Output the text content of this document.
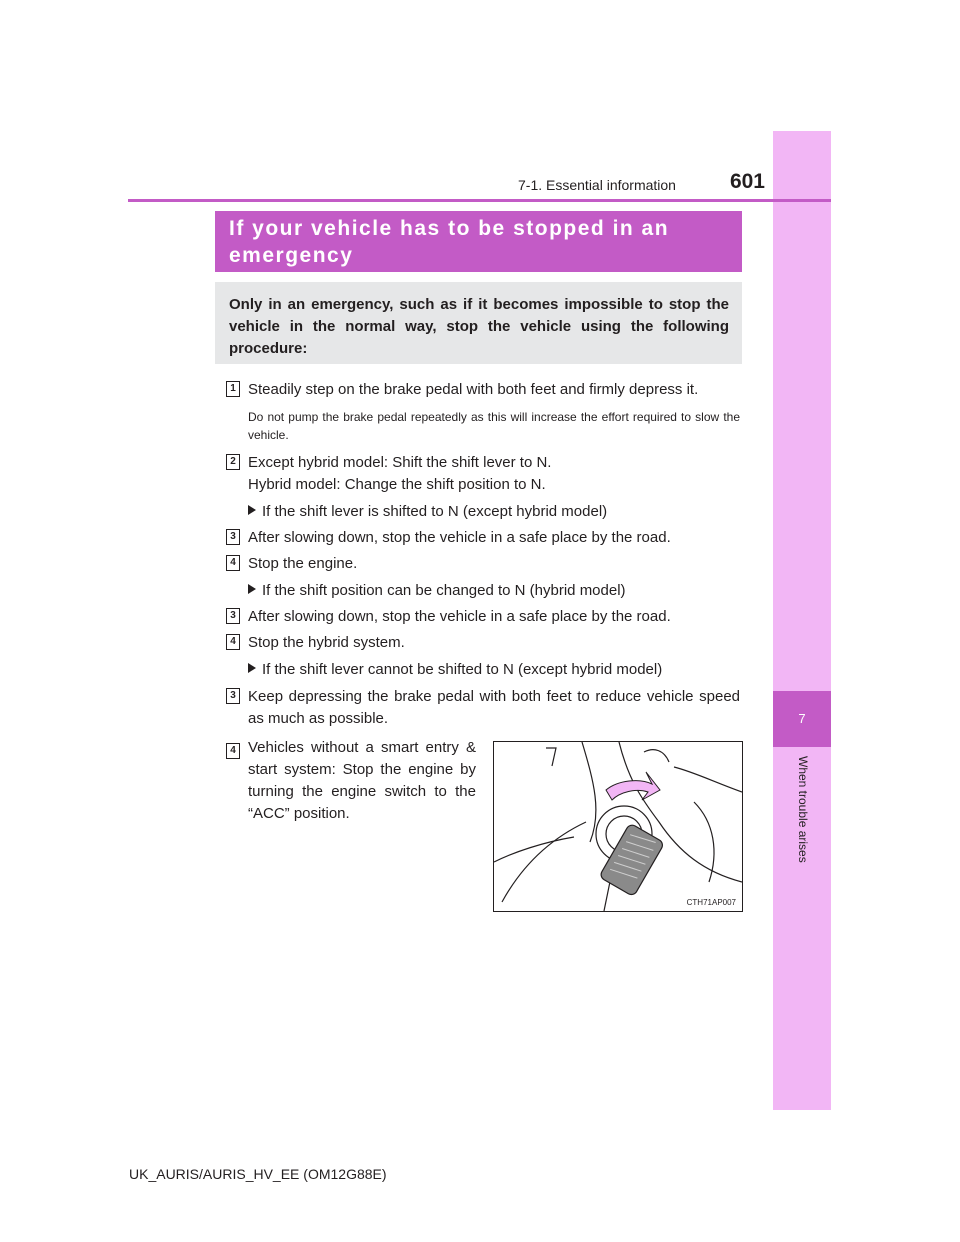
7
When trouble arises
7-1. Essential information	601
If your vehicle has to be stopped in an emergency
Only in an emergency, such as if it becomes impossible to stop the vehicle in the normal way, stop the vehicle using the following procedure:
1 Steadily step on the brake pedal with both feet and firmly depress it.
Do not pump the brake pedal repeatedly as this will increase the effort required to slow the vehicle.
2 Except hybrid model: Shift the shift lever to N.
Hybrid model: Change the shift position to N.
If the shift lever is shifted to N (except hybrid model)
3 After slowing down, stop the vehicle in a safe place by the road.
4 Stop the engine.
If the shift position can be changed to N (hybrid model)
3 After slowing down, stop the vehicle in a safe place by the road.
4 Stop the hybrid system.
If the shift lever cannot be shifted to N (except hybrid model)
3 Keep depressing the brake pedal with both feet to reduce vehicle speed as much as possible.
4 Vehicles without a smart entry & start system: Stop the engine by turning the engine switch to the “ACC” position.
CTH71AP007
UK_AURIS/AURIS_HV_EE (OM12G88E)
